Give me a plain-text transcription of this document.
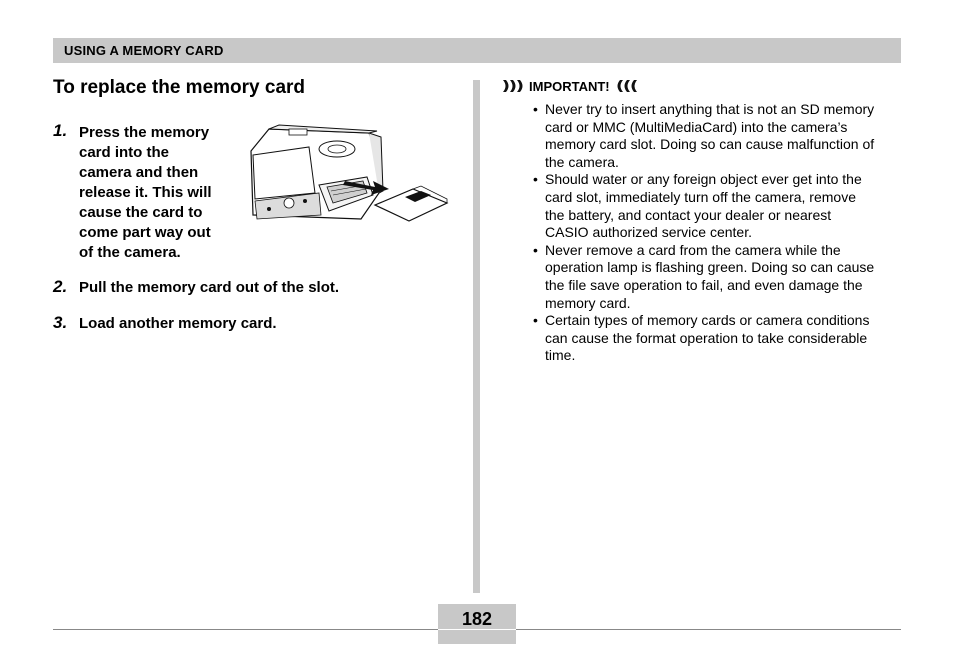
USING A MEMORY CARD
To replace the memory card
1. Press the memory
card into the
camera and then
release it. This will
cause the card to
come part way out
of the camera.
2. Pull the memory card out of the slot.
3. Load another memory card.
IMPORTANT!
• Never try to insert anything that is not an SD memory
card or MMC (MultiMediaCard) into the camera’s
memory card slot. Doing so can cause malfunction of
the camera.
• Should water or any foreign object ever get into the
card slot, immediately turn off the camera, remove
the battery, and contact your dealer or nearest
CASIO authorized service center.
• Never remove a card from the camera while the
operation lamp is flashing green. Doing so can cause
the file save operation to fail, and even damage the
memory card.
• Certain types of memory cards or camera conditions
can cause the format operation to take considerable
time.
182
